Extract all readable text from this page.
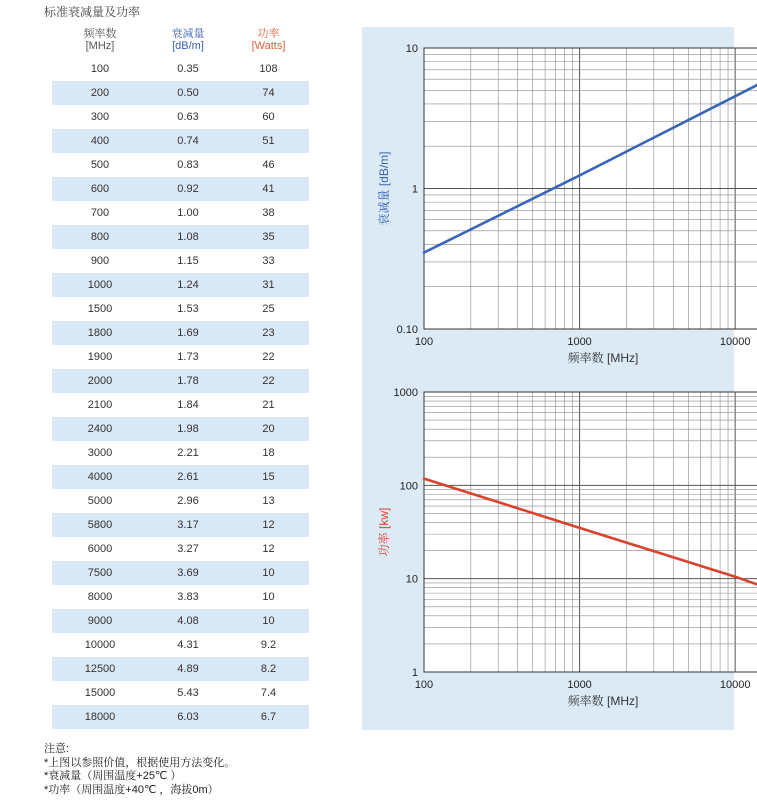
标准衰减量及功率
频率数
[MHz]
衰减量
[dB/m]
功率
[Watts]
100	0.35	108
200	0.50	74
300	0.63	60
400	0.74	51
500	0.83	46
600	0.92	41
700	1.00	38
800	1.08	35
900	1.15	33
1000	1.24	31
1500	1.53	25
1800	1.69	23
1900	1.73	22
2000	1.78	22
2100	1.84	21
2400	1.98	20
3000	2.21	18
4000	2.61	15
5000	2.96	13
5800	3.17	12
6000	3.27	12
7500	3.69	10
8000	3.83	10
9000	4.08	10
10000	4.31	9.2
12500	4.89	8.2
15000	5.43	7.4
18000	6.03	6.7
100	1000	10000
0.10
1
10
频率数 [MHz]
衰减量 [dB/m]
100	1000	10000
1
10
100
1000
频率数 [MHz]
功率 [kw]
注意:
*上图以参照价值，根据使用方法变化。
*衰减量（周围温度+25℃ ）
*功率（周围温度+40℃ ，海拔0m）
